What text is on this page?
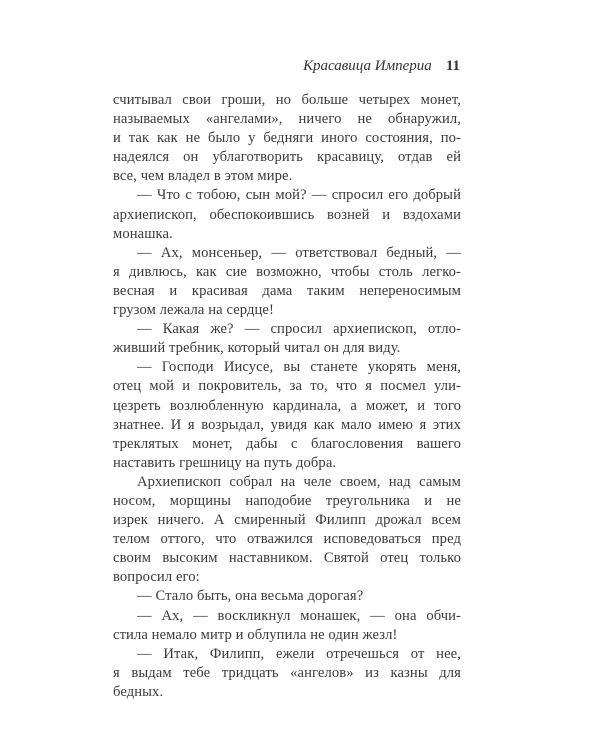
Красавица Империа 11
считывал свои гроши, но больше четырех монет,
называемых «ангелами», ничего не обнаружил,
и так как не было у бедняги иного состояния, по-
надеялся он ублаготворить красавицу, отдав ей
все, чем владел в этом мире.
— Что с тобою, сын мой? — спросил его добрый
архиепископ, обеспокоившись возней и вздохами
монашка.
— Ах, монсеньер, — ответствовал бедный, —
я дивлюсь, как сие возможно, чтобы столь легко-
весная и красивая дама таким непереносимым
грузом лежала на сердце!
— Какая же? — спросил архиепископ, отло-
живший требник, который читал он для виду.
— Господи Иисусе, вы станете укорять меня,
отец мой и покровитель, за то, что я посмел ули-
цезреть возлюбленную кардинала, а может, и того
знатнее. И я возрыдал, увидя как мало имею я этих
треклятых монет, дабы с благословения вашего
наставить грешницу на путь добра.
Архиепископ собрал на челе своем, над самым
носом, морщины наподобие треугольника и не
изрек ничего. А смиренный Филипп дрожал всем
телом оттого, что отважился исповедоваться пред
своим высоким наставником. Святой отец только
вопросил его:
— Стало быть, она весьма дорогая?
— Ах, — воскликнул монашек, — она обчи-
стила немало митр и облупила не один жезл!
— Итак, Филипп, ежели отречешься от нее,
я выдам тебе тридцать «ангелов» из казны для
бедных.
